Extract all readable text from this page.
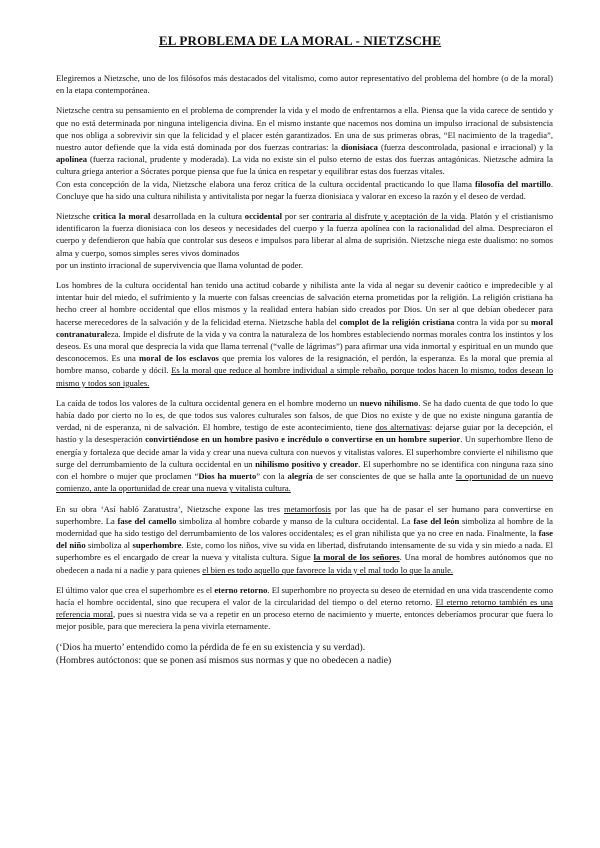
EL PROBLEMA DE LA MORAL - NIETZSCHE

Elegiremos a Nietzsche, uno de los filósofos más destacados del vitalismo, como autor representativo del problema del hombre (o de la moral) en la etapa contemporánea.

Nietzsche centra su pensamiento en el problema de comprender la vida y el modo de enfrentarnos a ella. Piensa que la vida carece de sentido y que no está determinada por ninguna inteligencia divina. En el mismo instante que nacemos nos domina un impulso irracional de subsistencia que nos obliga a sobrevivir sin que la felicidad y el placer estén garantizados. En una de sus primeras obras, “El nacimiento de la tragedia”, nuestro autor defiende que la vida está dominada por dos fuerzas contrarias: la dionisiaca (fuerza descontrolada, pasional e irracional) y la apolínea (fuerza racional, prudente y moderada). La vida no existe sin el pulso eterno de estas dos fuerzas antagónicas. Nietzsche admira la cultura griega anterior a Sócrates porque piensa que fue la única en respetar y equilibrar estas dos fuerzas vitales.

Con esta concepción de la vida, Nietzsche elabora una feroz crítica de la cultura occidental practicando lo que llama filosofía del martillo. Concluye que ha sido una cultura nihilista y antivitalista por negar la fuerza dionisiaca y valorar en exceso la razón y el deseo de verdad.

Nietzsche critica la moral desarrollada en la cultura occidental por ser contraria al disfrute y aceptación de la vida. Platón y el cristianismo identificaron la fuerza dionisiaca con los deseos y necesidades del cuerpo y la fuerza apolínea con la racionalidad del alma. Despreciaron el cuerpo y defendieron que había que controlar sus deseos e impulsos para liberar al alma de suprisión. Nietzsche niega este dualismo: no somos alma y cuerpo, somos simples seres vivos dominados
por un instinto irracional de supervivencia que llama voluntad de poder.

Los hombres de la cultura occidental han tenido una actitud cobarde y nihilista ante la vida al negar su devenir caótico e impredecible y al intentar huir del miedo, el sufrimiento y la muerte con falsas creencias de salvación eterna prometidas por la religión. La religión cristiana ha hecho creer al hombre occidental que ellos mismos y la realidad entera habían sido creados por Dios. Un ser al que debían obedecer para hacerse merecedores de la salvación y de la felicidad eterna. Nietzsche habla del complot de la religión cristiana contra la vida por su moral contranaturaleza. Impide el disfrute de la vida y va contra la naturaleza de los hombres estableciendo normas morales contra los instintos y los deseos. Es una moral que desprecia la vida que llama terrenal (“valle de lágrimas”) para afirmar una vida inmortal y espiritual en un mundo que desconocemos. Es una moral de los esclavos que premia los valores de la resignación, el perdón, la esperanza. Es la moral que premia al hombre manso, cobarde y dócil. Es la moral que reduce al hombre individual a simple rebaño, porque todos hacen lo mismo, todos desean lo mismo y todos son iguales.

La caída de todos los valores de la cultura occidental genera en el hombre moderno un nuevo nihilismo. Se ha dado cuenta de que todo lo que había dado por cierto no lo es, de que todos sus valores culturales son falsos, de que Dios no existe y de que no existe ninguna garantía de verdad, ni de esperanza, ni de salvación. El hombre, testigo de este acontecimiento, tiene dos alternativas: dejarse guiar por la decepción, el hastío y la desesperación convirtiéndose en un hombre pasivo e incrédulo o convertirse en un hombre superior. Un superhombre lleno de energía y fortaleza que decide amar la vida y crear una nueva cultura con nuevos y vitalistas valores. El superhombre convierte el nihilismo que surge del derrumbamiento de la cultura occidental en un nihilismo positivo y creador. El superhombre no se identifica con ninguna raza sino con el hombre o mujer que proclamen “Dios ha muerto” con la alegría de ser conscientes de que se halla ante la oportunidad de un nuevo comienzo, ante la oportunidad de crear una nueva y vitalista cultura.

En su obra ‘Así habló Zaratustra’, Nietzsche expone las tres metamorfosis por las que ha de pasar el ser humano para convertirse en superhombre. La fase del camello simboliza al hombre cobarde y manso de la cultura occidental. La fase del león simboliza al hombre de la modernidad que ha sido testigo del derrumbamiento de los valores occidentales; es el gran nihilista que ya no cree en nada. Finalmente, la fase del niño simboliza al superhombre. Este, como los niños, vive su vida en libertad, disfrutando intensamente de su vida y sin miedo a nada. El superhombre es el encargado de crear la nueva y vitalista cultura. Sigue la moral de los señores. Una moral de hombres autónomos que no obedecen a nada ni a nadie y para quienes el bien es todo aquello que favorece la vida y el mal todo lo que la anule.

El último valor que crea el superhombre es el eterno retorno. El superhombre no proyecta su deseo de eternidad en una vida trascendente como hacía el hombre occidental, sino que recupera el valor de la circularidad del tiempo o del eterno retorno. El eterno retorno también es una referencia moral, pues si nuestra vida se va a repetir en un proceso eterno de nacimiento y muerte, entonces deberíamos procurar que fuera lo mejor posible, para que mereciera la pena vivirla eternamente.

(‘Dios ha muerto’ entendido como la pérdida de fe en su existencia y su verdad).
(Hombres autóctonos: que se ponen así mismos sus normas y que no obedecen a nadie)
